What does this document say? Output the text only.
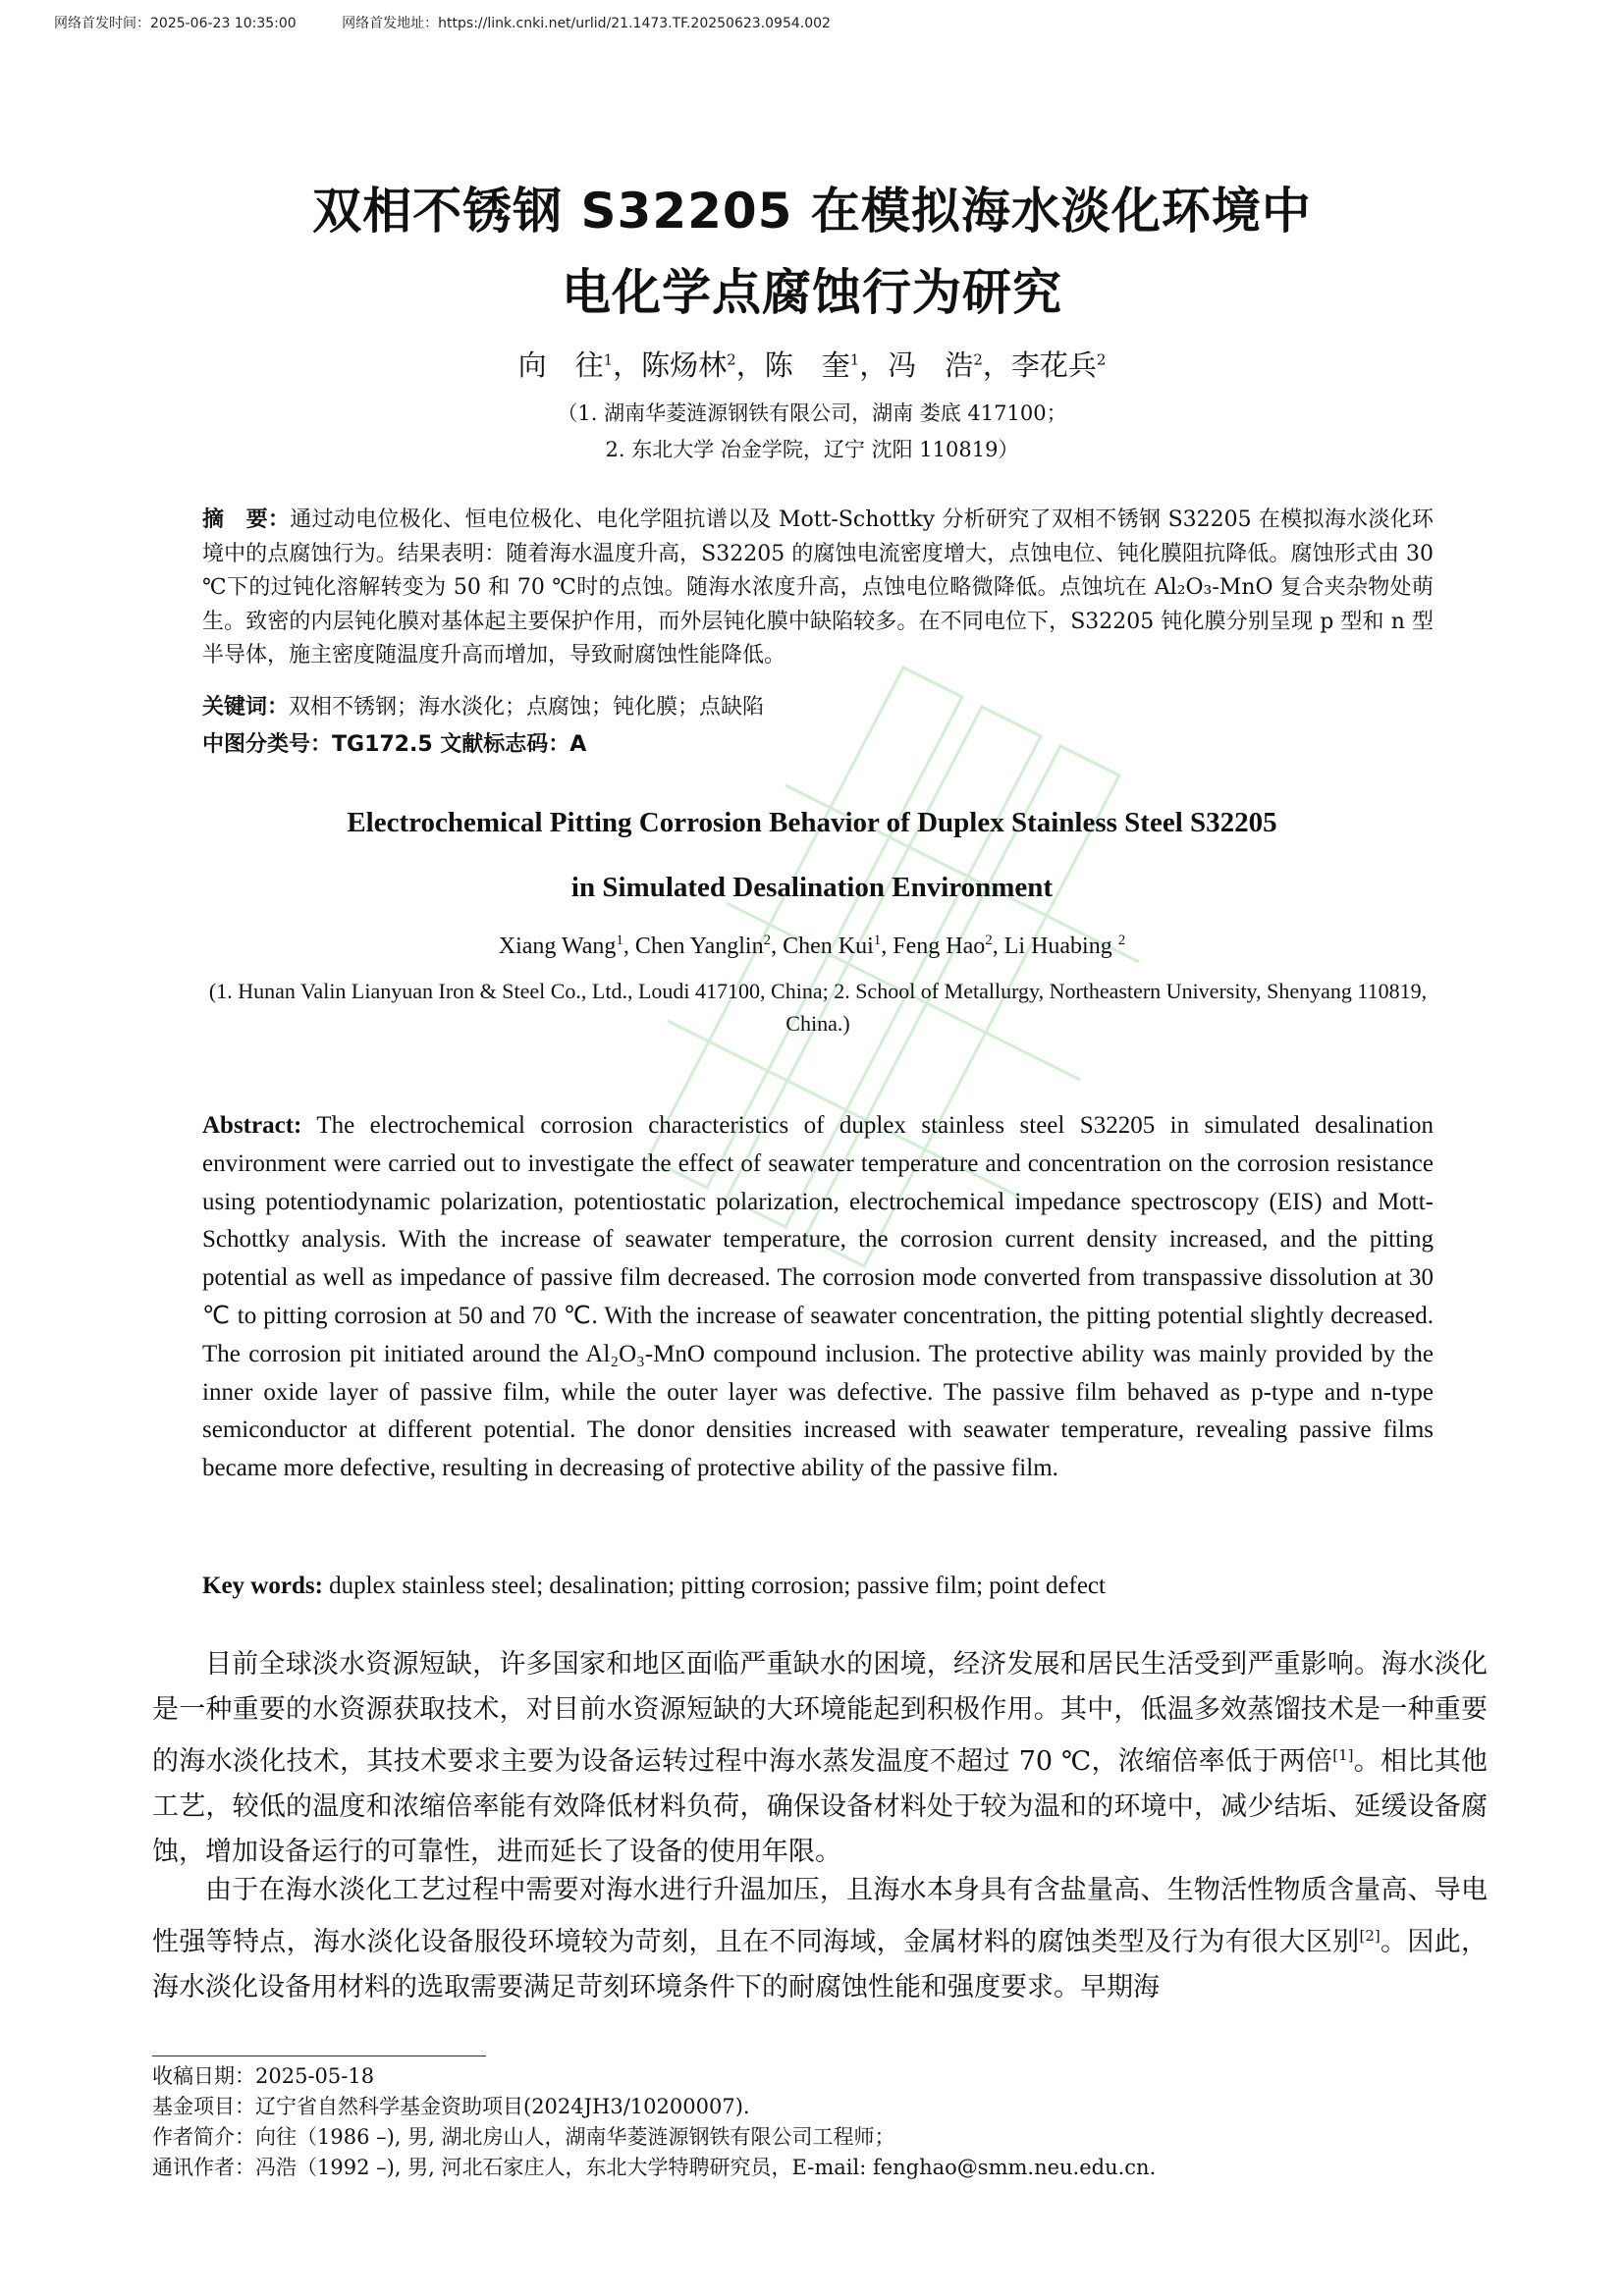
网络首发时间：2025-06-23 10:35:00	网络首发地址：https://link.cnki.net/urlid/21.1473.TF.20250623.0954.002
双相不锈钢 S32205 在模拟海水淡化环境中
电化学点腐蚀行为研究
向　往$^1$，陈炀林$^2$，陈　奎$^1$，冯　浩$^2$，李花兵$^2$
（1. 湖南华菱涟源钢铁有限公司，湖南 娄底 417100；
2. 东北大学 冶金学院，辽宁 沈阳 110819）
摘　要：通过动电位极化、恒电位极化、电化学阻抗谱以及 Mott-Schottky 分析研究了双相不锈钢 S32205 在模拟海水淡化环境中的点腐蚀行为。结果表明：随着海水温度升高，S32205 的腐蚀电流密度增大，点蚀电位、钝化膜阻抗降低。腐蚀形式由 30 ℃下的过钝化溶解转变为 50 和 70 ℃时的点蚀。随海水浓度升高，点蚀电位略微降低。点蚀坑在 Al₂O₃-MnO 复合夹杂物处萌生。致密的内层钝化膜对基体起主要保护作用，而外层钝化膜中缺陷较多。在不同电位下，S32205 钝化膜分别呈现 p 型和 n 型半导体，施主密度随温度升高而增加，导致耐腐蚀性能降低。
关键词：双相不锈钢；海水淡化；点腐蚀；钝化膜；点缺陷
中图分类号：TG172.5 文献标志码：A
Electrochemical Pitting Corrosion Behavior of Duplex Stainless Steel S32205
in Simulated Desalination Environment
Xiang Wang$^1$, Chen Yanglin$^2$, Chen Kui$^1$, Feng Hao$^2$, Li Huabing $^2$
(1. Hunan Valin Lianyuan Iron & Steel Co., Ltd., Loudi 417100, China; 2. School of Metallurgy, Northeastern University, Shenyang 110819, China.)
Abstract: The electrochemical corrosion characteristics of duplex stainless steel S32205 in simulated desalination environment were carried out to investigate the effect of seawater temperature and concentration on the corrosion resistance using potentiodynamic polarization, potentiostatic polarization, electrochemical impedance spectroscopy (EIS) and Mott-Schottky analysis. With the increase of seawater temperature, the corrosion current density increased, and the pitting potential as well as impedance of passive film decreased. The corrosion mode converted from transpassive dissolution at 30 ℃ to pitting corrosion at 50 and 70 ℃. With the increase of seawater concentration, the pitting potential slightly decreased. The corrosion pit initiated around the Al₂O₃-MnO compound inclusion. The protective ability was mainly provided by the inner oxide layer of passive film, while the outer layer was defective. The passive film behaved as p-type and n-type semiconductor at different potential. The donor densities increased with seawater temperature, revealing passive films became more defective, resulting in decreasing of protective ability of the passive film.
Key words: duplex stainless steel; desalination; pitting corrosion; passive film; point defect
目前全球淡水资源短缺，许多国家和地区面临严重缺水的困境，经济发展和居民生活受到严重影响。海水淡化是一种重要的水资源获取技术，对目前水资源短缺的大环境能起到积极作用。其中，低温多效蒸馏技术是一种重要的海水淡化技术，其技术要求主要为设备运转过程中海水蒸发温度不超过 70 ℃，浓缩倍率低于两倍[1]。相比其他工艺，较低的温度和浓缩倍率能有效降低材料负荷，确保设备材料处于较为温和的环境中，减少结垢、延缓设备腐蚀，增加设备运行的可靠性，进而延长了设备的使用年限。
由于在海水淡化工艺过程中需要对海水进行升温加压，且海水本身具有含盐量高、生物活性物质含量高、导电性强等特点，海水淡化设备服役环境较为苛刻，且在不同海域，金属材料的腐蚀类型及行为有很大区别[2]。因此，海水淡化设备用材料的选取需要满足苛刻环境条件下的耐腐蚀性能和强度要求。早期海
收稿日期：2025-05-18
基金项目：辽宁省自然科学基金资助项目(2024JH3/10200007).
作者简介：向往（1986 –), 男, 湖北房山人，湖南华菱涟源钢铁有限公司工程师；
通讯作者：冯浩（1992 –), 男, 河北石家庄人，东北大学特聘研究员，E-mail: fenghao@smm.neu.edu.cn.
